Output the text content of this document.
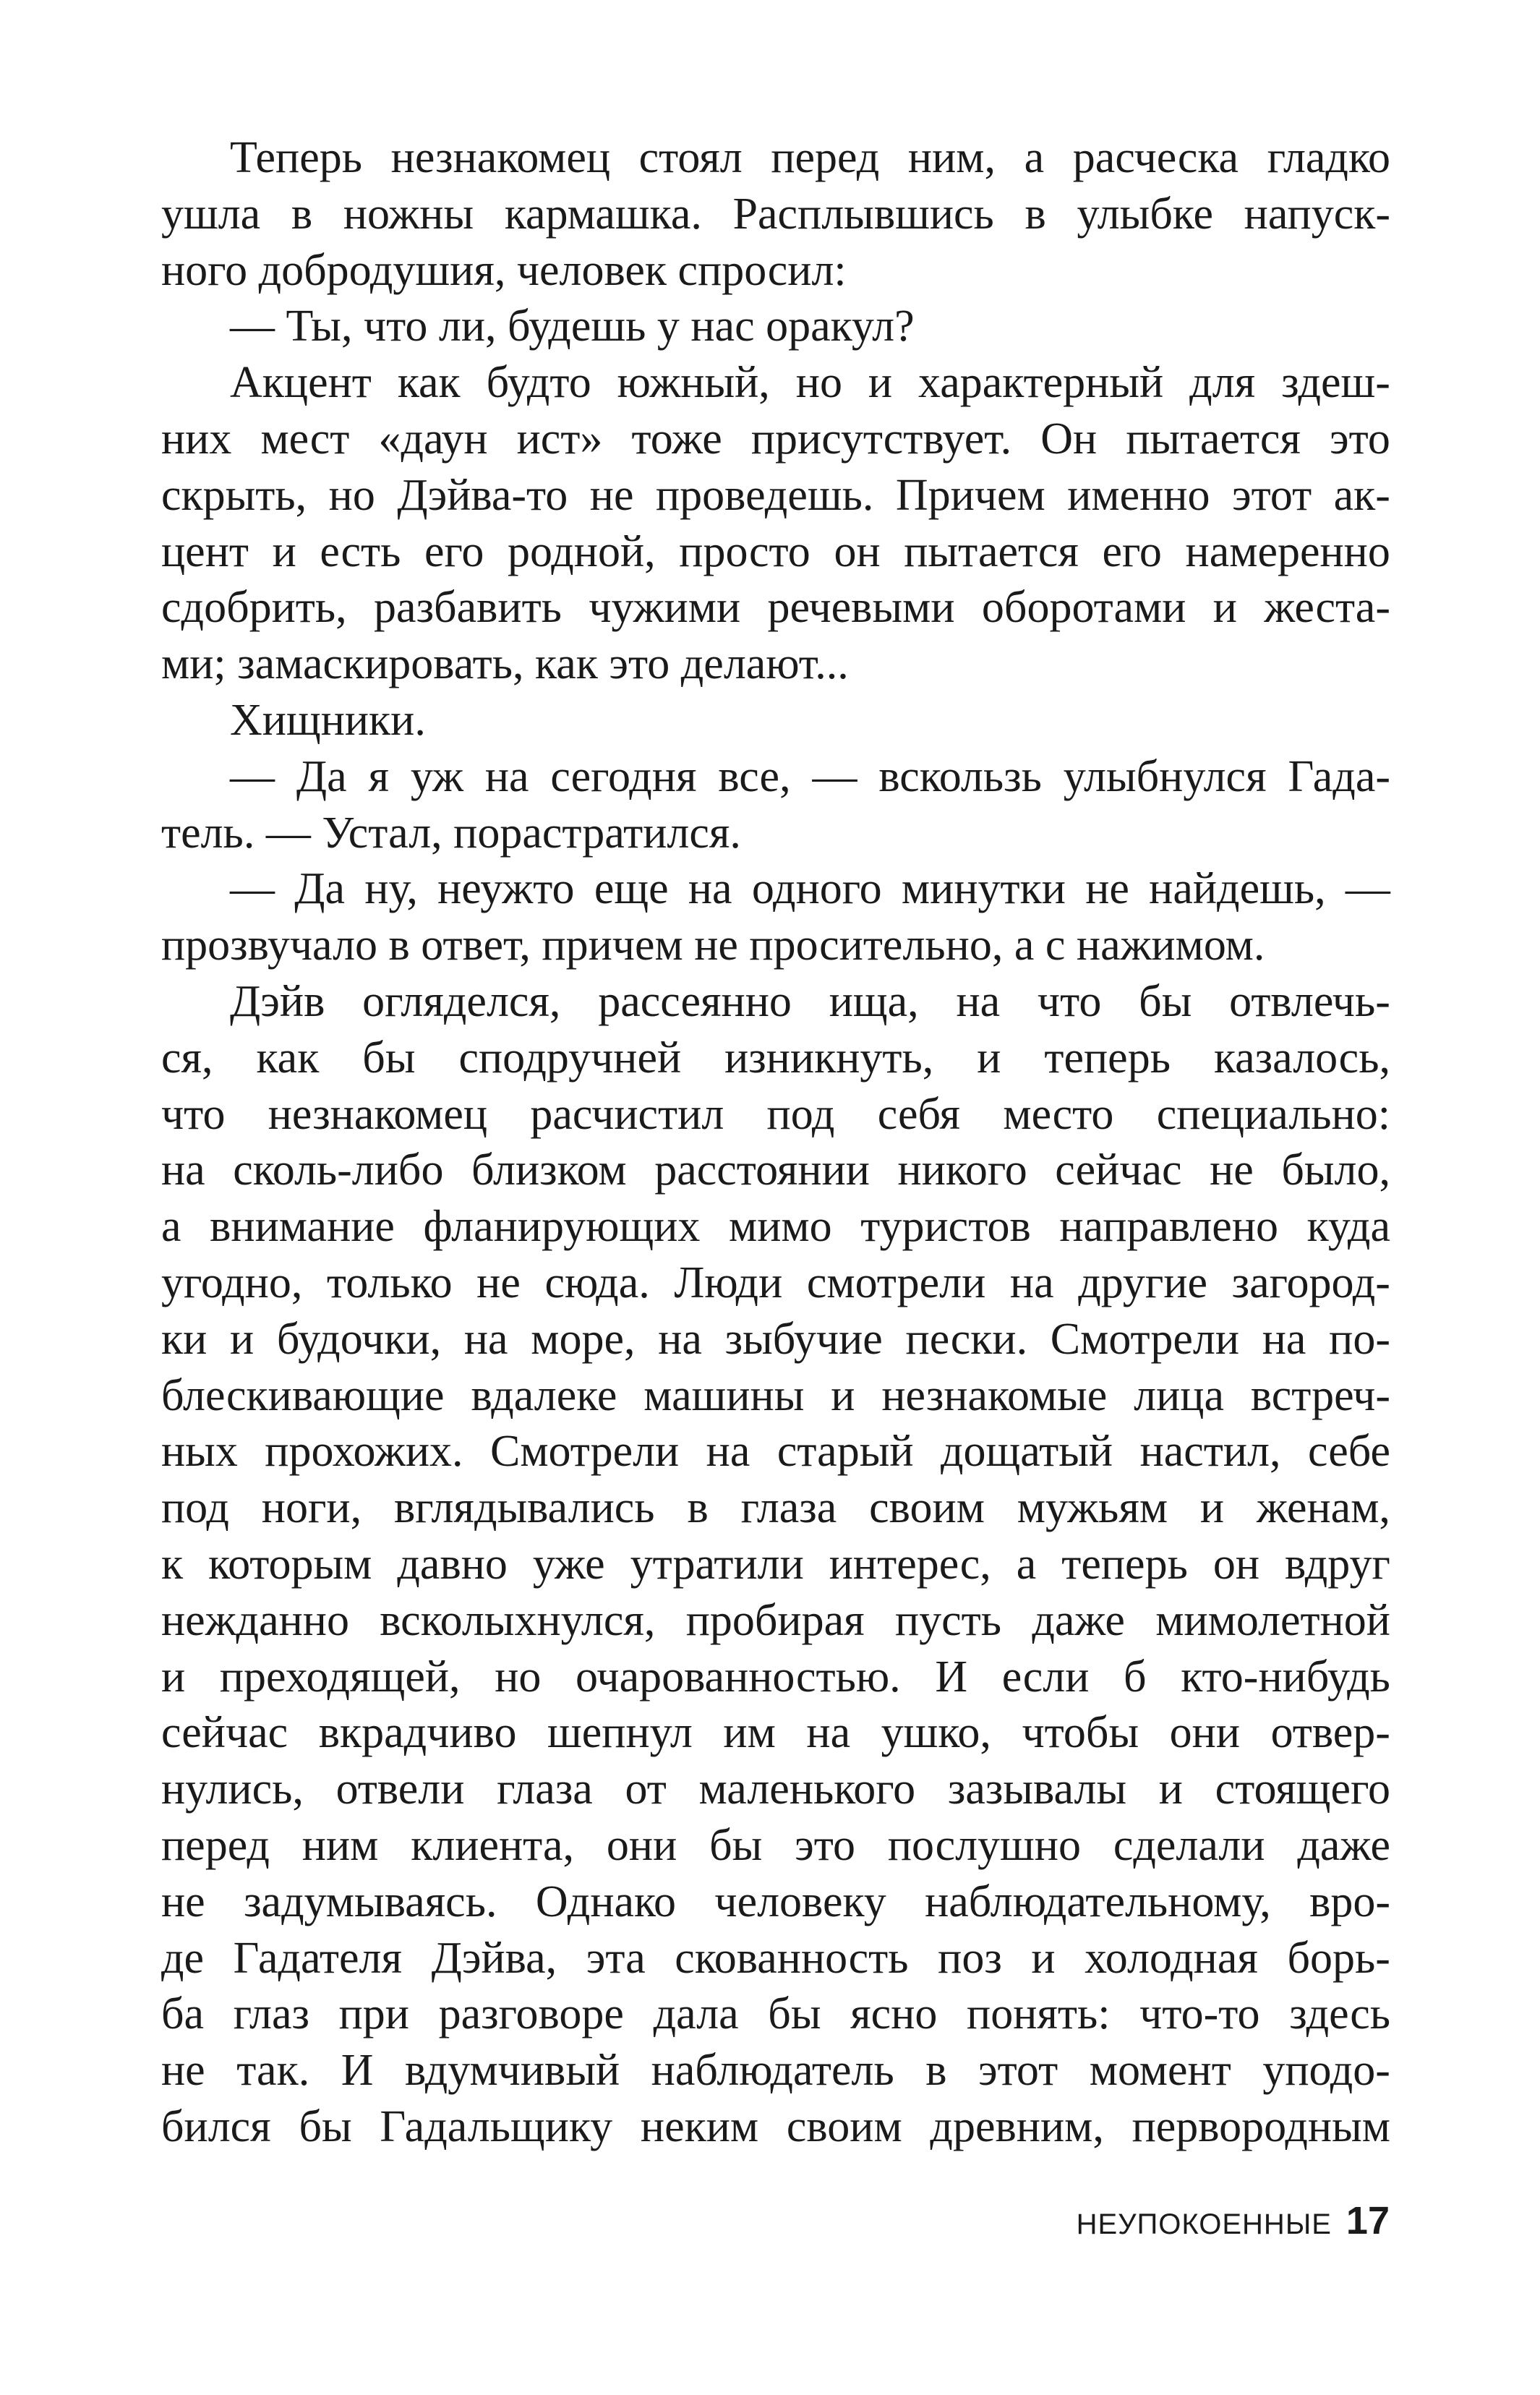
Теперь незнакомец стоял перед ним, а расческа гладко
ушла в ножны кармашка. Расплывшись в улыбке напуск-
ного добродушия, человек спросил:
— Ты, что ли, будешь у нас оракул?
Акцент как будто южный, но и характерный для здеш-
них мест «даун ист» тоже присутствует. Он пытается это
скрыть, но Дэйва-то не проведешь. Причем именно этот ак-
цент и есть его родной, просто он пытается его намеренно
сдобрить, разбавить чужими речевыми оборотами и жеста-
ми; замаскировать, как это делают...
Хищники.
— Да я уж на сегодня все, — вскользь улыбнулся Гада-
тель. — Устал, порастратился.
— Да ну, неужто еще на одного минутки не найдешь, —
прозвучало в ответ, причем не просительно, а с нажимом.
Дэйв огляделся, рассеянно ища, на что бы отвлечь-
ся, как бы сподручней изникнуть, и теперь казалось,
что незнакомец расчистил под себя место специально:
на сколь-либо близком расстоянии никого сейчас не было,
а внимание фланирующих мимо туристов направлено куда
угодно, только не сюда. Люди смотрели на другие загород-
ки и будочки, на море, на зыбучие пески. Смотрели на по-
блескивающие вдалеке машины и незнакомые лица встреч-
ных прохожих. Смотрели на старый дощатый настил, себе
под ноги, вглядывались в глаза своим мужьям и женам,
к которым давно уже утратили интерес, а теперь он вдруг
нежданно всколыхнулся, пробирая пусть даже мимолетной
и преходящей, но очарованностью. И если б кто-нибудь
сейчас вкрадчиво шепнул им на ушко, чтобы они отвер-
нулись, отвели глаза от маленького зазывалы и стоящего
перед ним клиента, они бы это послушно сделали даже
не задумываясь. Однако человеку наблюдательному, вро-
де Гадателя Дэйва, эта скованность поз и холодная борь-
ба глаз при разговоре дала бы ясно понять: что-то здесь
не так. И вдумчивый наблюдатель в этот момент уподо-
бился бы Гадальщику неким своим древним, первородным
НЕУПОКОЕННЫЕ 17
